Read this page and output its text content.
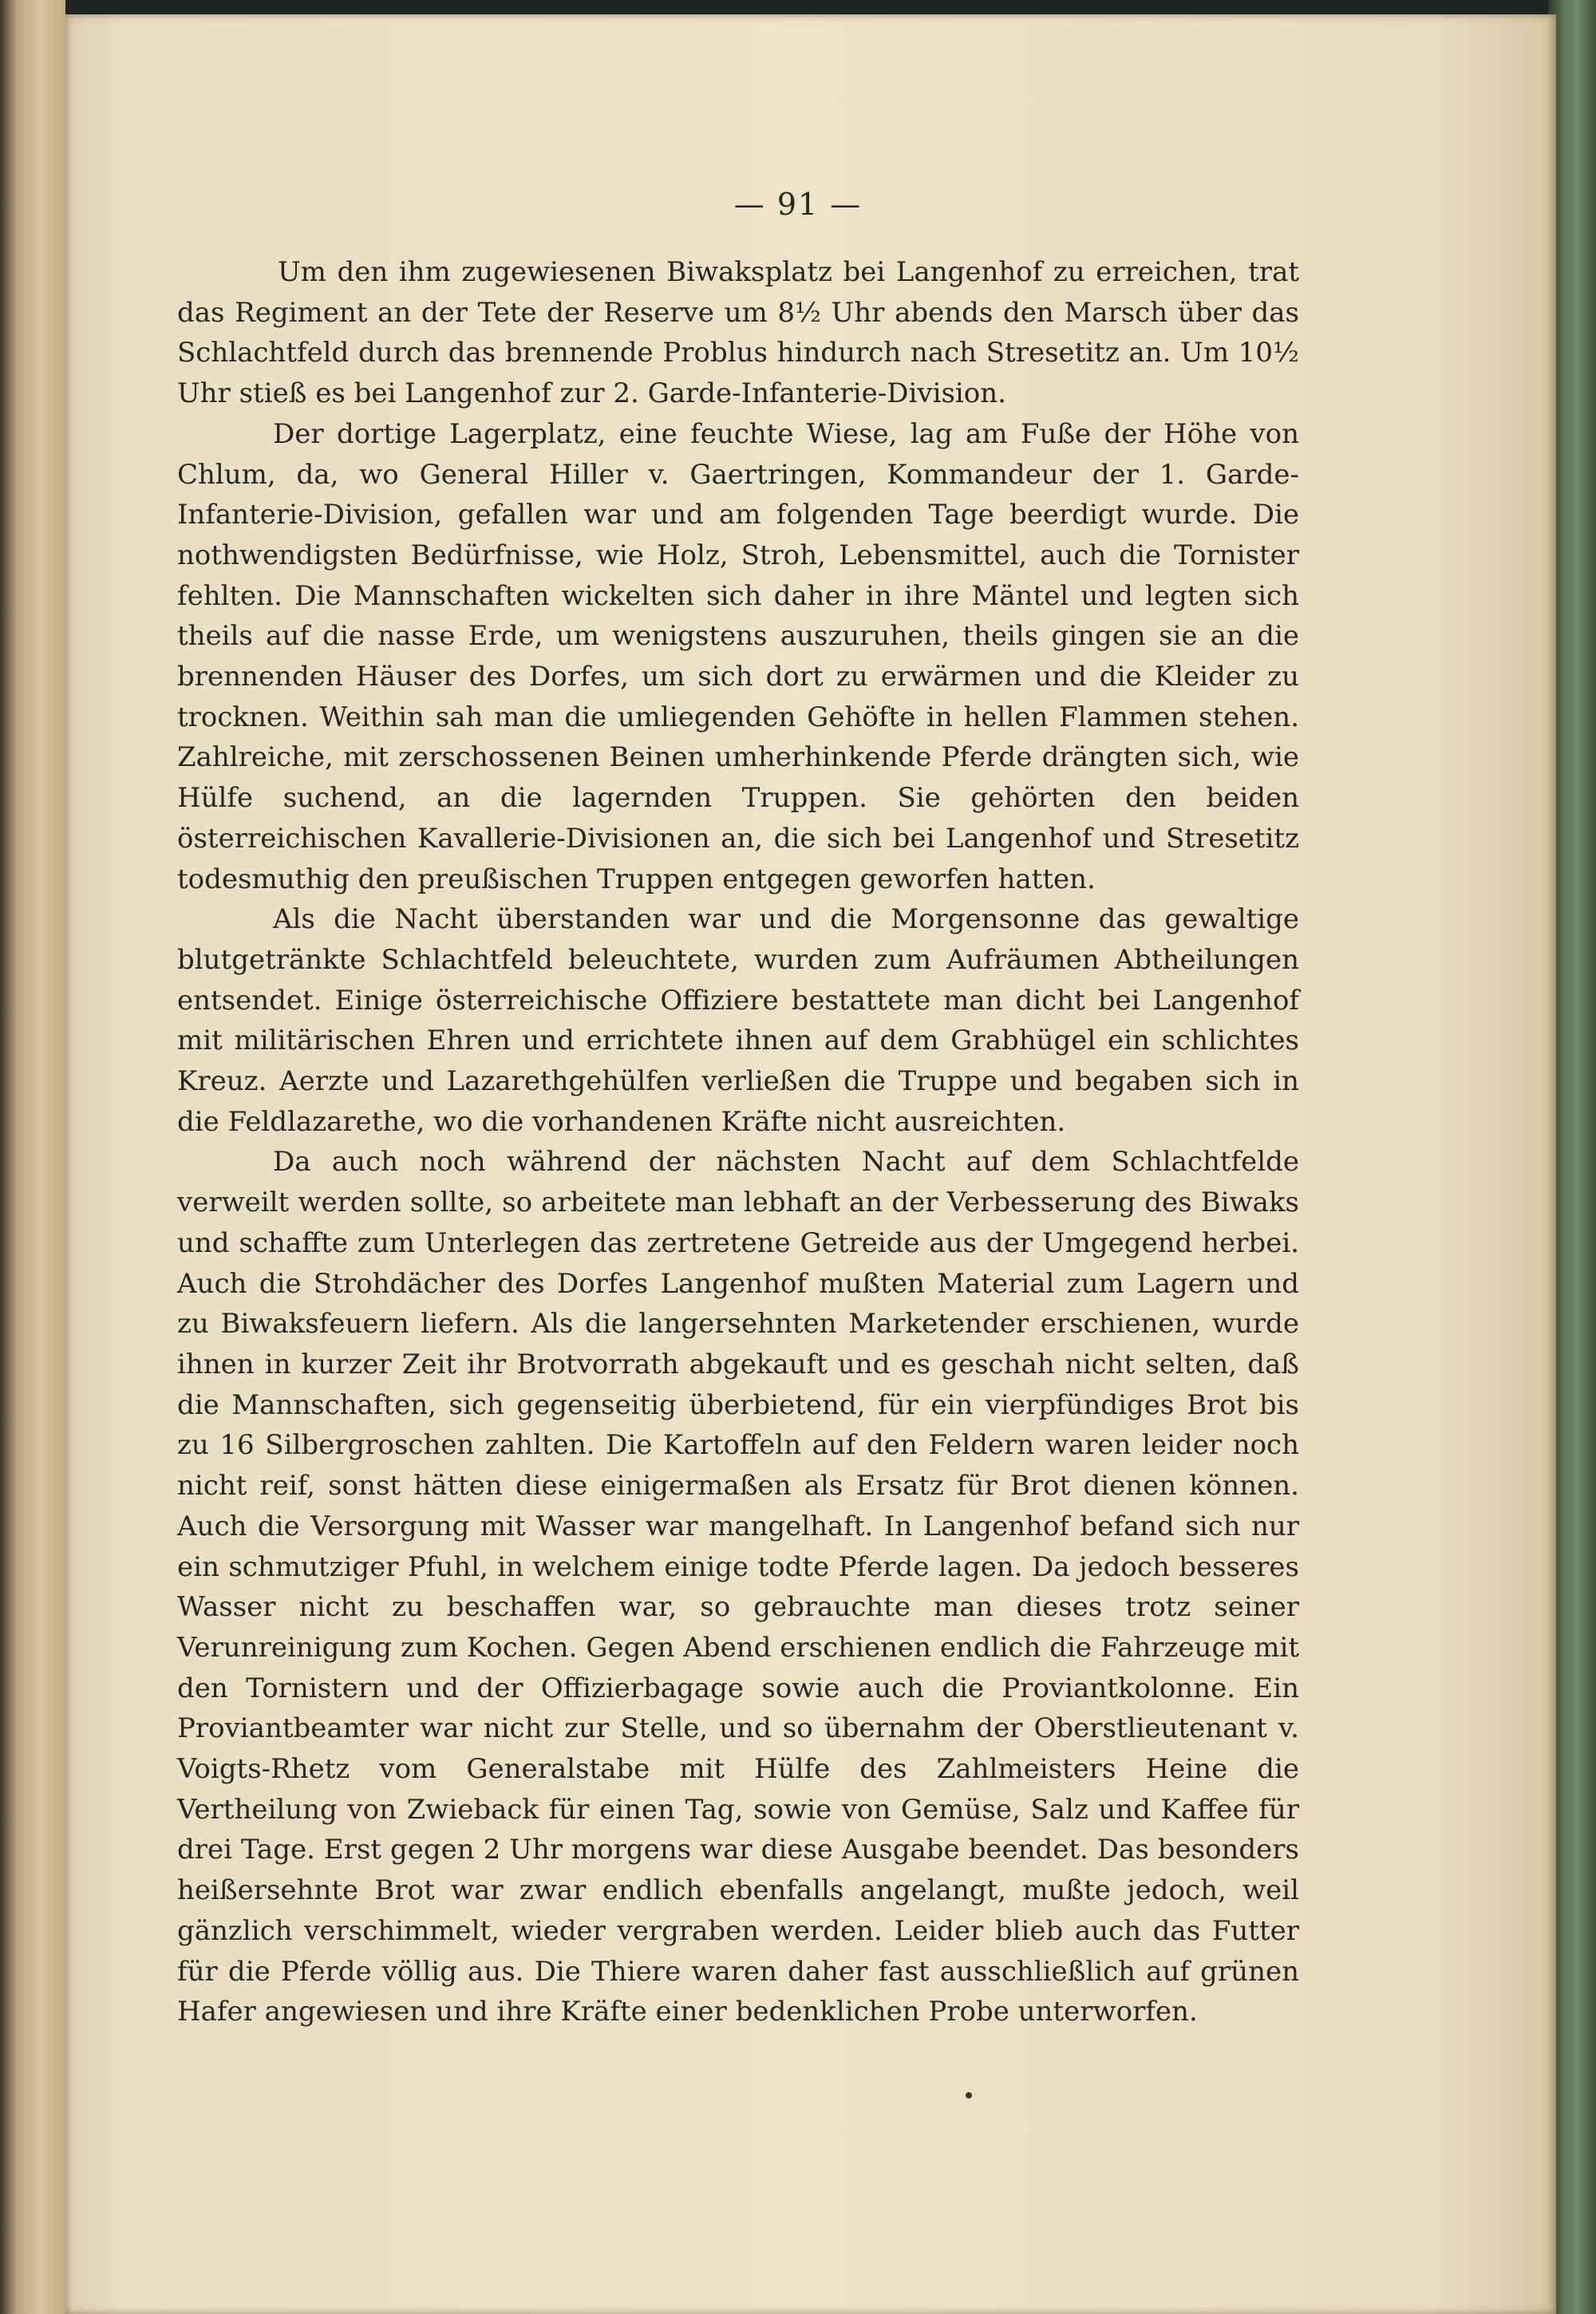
— 91 —

Um den ihm zugewiesenen Biwaksplatz bei Langenhof zu erreichen, trat das Regiment an der Tete der Reserve um 8½ Uhr abends den Marsch über das Schlachtfeld durch das brennende Problus hindurch nach Stresetitz an. Um 10½ Uhr stieß es bei Langenhof zur 2. Garde-Infanterie-Division.

Der dortige Lagerplatz, eine feuchte Wiese, lag am Fuße der Höhe von Chlum, da, wo General Hiller v. Gaertringen, Kommandeur der 1. Garde-Infanterie-Division, gefallen war und am folgenden Tage beerdigt wurde. Die nothwendigsten Bedürfnisse, wie Holz, Stroh, Lebensmittel, auch die Tornister fehlten. Die Mannschaften wickelten sich daher in ihre Mäntel und legten sich theils auf die nasse Erde, um wenigstens auszuruhen, theils gingen sie an die brennenden Häuser des Dorfes, um sich dort zu erwärmen und die Kleider zu trocknen. Weithin sah man die umliegenden Gehöfte in hellen Flammen stehen. Zahlreiche, mit zerschossenen Beinen umherhinkende Pferde drängten sich, wie Hülfe suchend, an die lagernden Truppen. Sie gehörten den beiden österreichischen Kavallerie-Divisionen an, die sich bei Langenhof und Stresetitz todesmuthig den preußischen Truppen entgegen geworfen hatten.

Als die Nacht überstanden war und die Morgensonne das gewaltige blutgetränkte Schlachtfeld beleuchtete, wurden zum Aufräumen Abtheilungen entsendet. Einige österreichische Offiziere bestattete man dicht bei Langenhof mit militärischen Ehren und errichtete ihnen auf dem Grabhügel ein schlichtes Kreuz. Aerzte und Lazarethgehülfen verließen die Truppe und begaben sich in die Feldlazarethe, wo die vorhandenen Kräfte nicht ausreichten.

Da auch noch während der nächsten Nacht auf dem Schlachtfelde verweilt werden sollte, so arbeitete man lebhaft an der Verbesserung des Biwaks und schaffte zum Unterlegen das zertretene Getreide aus der Umgegend herbei. Auch die Strohdächer des Dorfes Langenhof mußten Material zum Lagern und zu Biwaksfeuern liefern. Als die langersehnten Marketender erschienen, wurde ihnen in kurzer Zeit ihr Brotvorrath abgekauft und es geschah nicht selten, daß die Mannschaften, sich gegenseitig überbietend, für ein vierpfündiges Brot bis zu 16 Silbergroschen zahlten. Die Kartoffeln auf den Feldern waren leider noch nicht reif, sonst hätten diese einigermaßen als Ersatz für Brot dienen können. Auch die Versorgung mit Wasser war mangelhaft. In Langenhof befand sich nur ein schmutziger Pfuhl, in welchem einige todte Pferde lagen. Da jedoch besseres Wasser nicht zu beschaffen war, so gebrauchte man dieses trotz seiner Verunreinigung zum Kochen. Gegen Abend erschienen endlich die Fahrzeuge mit den Tornistern und der Offizierbagage sowie auch die Proviantkolonne. Ein Proviantbeamter war nicht zur Stelle, und so übernahm der Oberstlieutenant v. Voigts-Rhetz vom Generalstabe mit Hülfe des Zahlmeisters Heine die Vertheilung von Zwieback für einen Tag, sowie von Gemüse, Salz und Kaffee für drei Tage. Erst gegen 2 Uhr morgens war diese Ausgabe beendet. Das besonders heißersehnte Brot war zwar endlich ebenfalls angelangt, mußte jedoch, weil gänzlich verschimmelt, wieder vergraben werden. Leider blieb auch das Futter für die Pferde völlig aus. Die Thiere waren daher fast ausschließlich auf grünen Hafer angewiesen und ihre Kräfte einer bedenklichen Probe unterworfen.
